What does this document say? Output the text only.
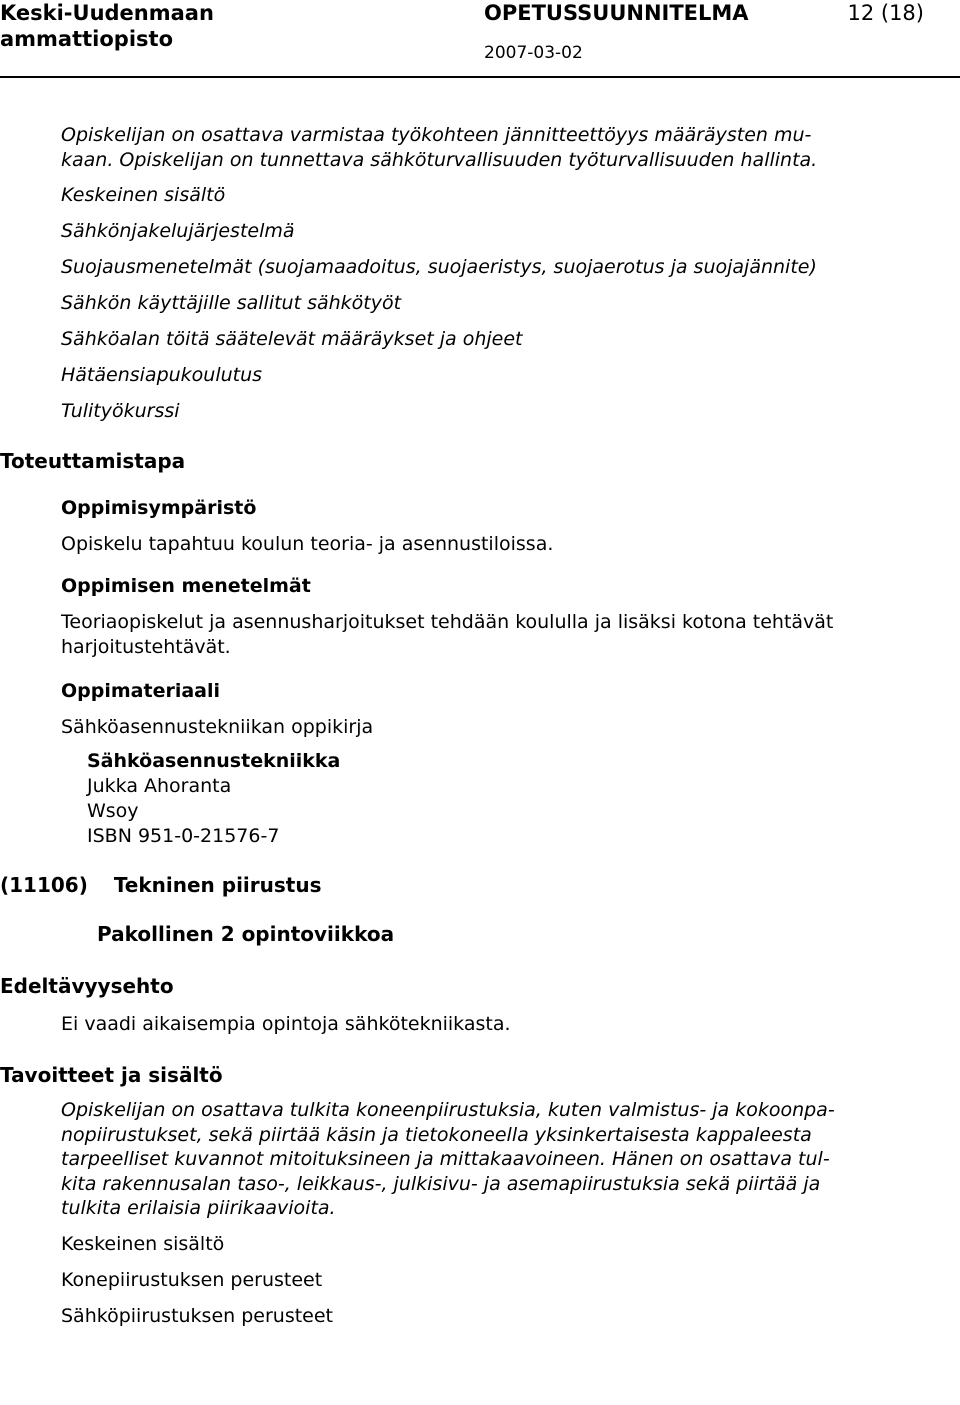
Keski-Uudenmaan
ammattiopisto
OPETUSSUUNNITELMA	12 (18)
2007-03-02
Opiskelijan on osattava varmistaa työkohteen jännitteettöyys määräysten mu-
kaan. Opiskelijan on tunnettava sähköturvallisuuden työturvallisuuden hallinta.
Keskeinen sisältö
Sähkönjakelujärjestelmä
Suojausmenetelmät (suojamaadoitus, suojaeristys, suojaerotus ja suojajännite)
Sähkön käyttäjille sallitut sähkötyöt
Sähköalan töitä säätelevät määräykset ja ohjeet
Hätäensiapukoulutus
Tulityökurssi
Toteuttamistapa
Oppimisympäristö
Opiskelu tapahtuu koulun teoria- ja asennustiloissa.
Oppimisen menetelmät
Teoriaopiskelut ja asennusharjoitukset tehdään koululla ja lisäksi kotona tehtävät
harjoitustehtävät.
Oppimateriaali
Sähköasennustekniikan oppikirja
Sähköasennustekniikka
Jukka Ahoranta
Wsoy
ISBN 951-0-21576-7
(11106) Tekninen piirustus
Pakollinen 2 opintoviikkoa
Edeltävyysehto
Ei vaadi aikaisempia opintoja sähkötekniikasta.
Tavoitteet ja sisältö
Opiskelijan on osattava tulkita koneenpiirustuksia, kuten valmistus- ja kokoonpa-
nopiirustukset, sekä piirtää käsin ja tietokoneella yksinkertaisesta kappaleesta
tarpeelliset kuvannot mitoituksineen ja mittakaavoineen. Hänen on osattava tul-
kita rakennusalan taso-, leikkaus-, julkisivu- ja asemapiirustuksia sekä piirtää ja
tulkita erilaisia piirikaavioita.
Keskeinen sisältö
Konepiirustuksen perusteet
Sähköpiirustuksen perusteet
